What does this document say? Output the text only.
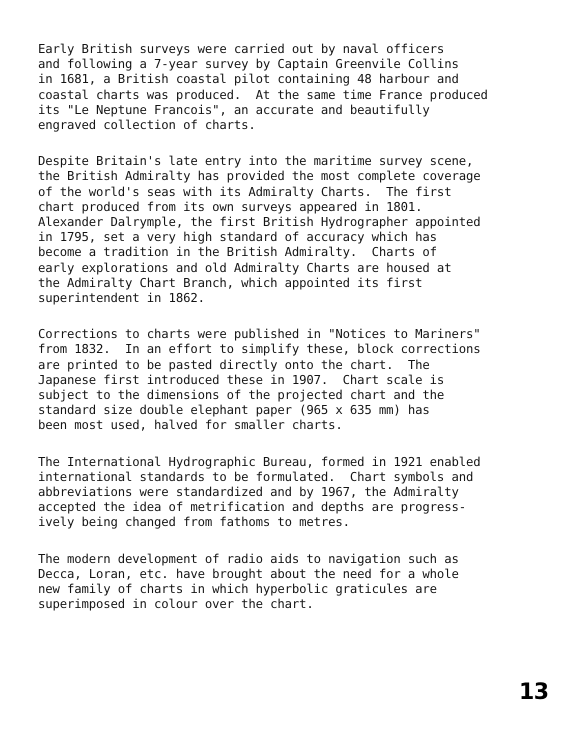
Early British surveys were carried out by naval officers
and following a 7-year survey by Captain Greenvile Collins
in 1681, a British coastal pilot containing 48 harbour and
coastal charts was produced.  At the same time France produced
its "Le Neptune Francois", an accurate and beautifully
engraved collection of charts.
Despite Britain's late entry into the maritime survey scene,
the British Admiralty has provided the most complete coverage
of the world's seas with its Admiralty Charts.  The first
chart produced from its own surveys appeared in 1801.
Alexander Dalrymple, the first British Hydrographer appointed
in 1795, set a very high standard of accuracy which has
become a tradition in the British Admiralty.  Charts of
early explorations and old Admiralty Charts are housed at
the Admiralty Chart Branch, which appointed its first
superintendent in 1862.
Corrections to charts were published in "Notices to Mariners"
from 1832.  In an effort to simplify these, block corrections
are printed to be pasted directly onto the chart.  The
Japanese first introduced these in 1907.  Chart scale is
subject to the dimensions of the projected chart and the
standard size double elephant paper (965 x 635 mm) has
been most used, halved for smaller charts.
The International Hydrographic Bureau, formed in 1921 enabled
international standards to be formulated.  Chart symbols and
abbreviations were standardized and by 1967, the Admiralty
accepted the idea of metrification and depths are progress-
ively being changed from fathoms to metres.
The modern development of radio aids to navigation such as
Decca, Loran, etc. have brought about the need for a whole
new family of charts in which hyperbolic graticules are
superimposed in colour over the chart.
13
